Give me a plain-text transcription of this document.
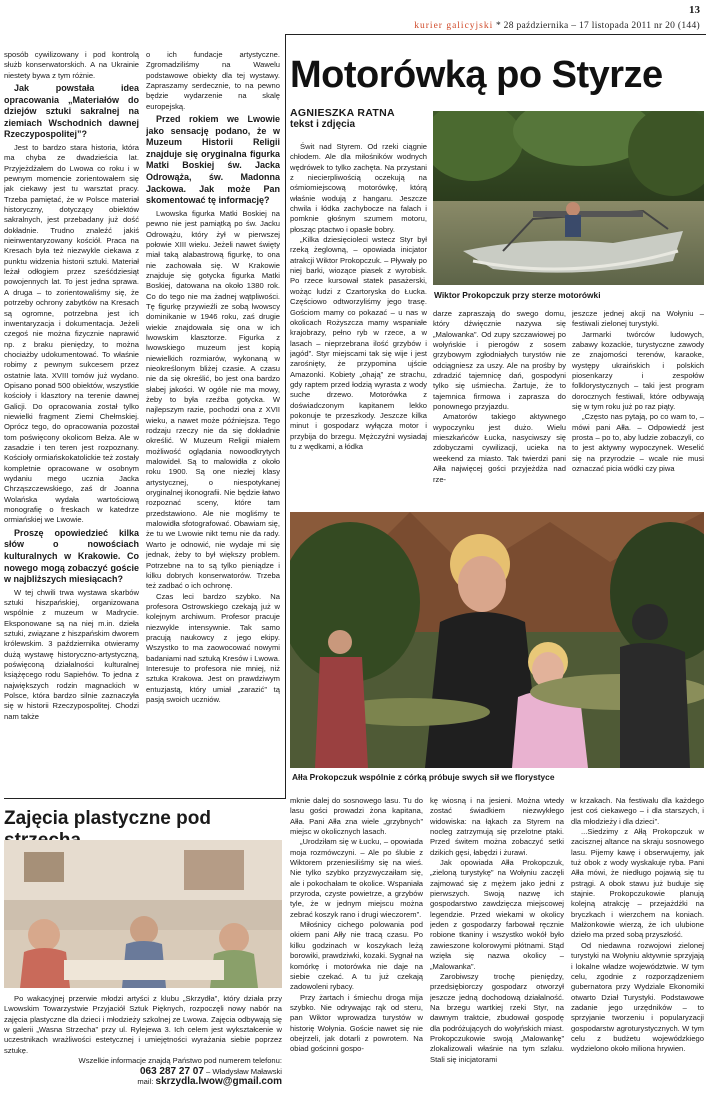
13
kurier galicyjski * 28 października – 17 listopada 2011 nr 20 (144)

sposób cywilizowany i pod kontrolą służb konserwatorskich. A na Ukrainie niestety bywa z tym różnie.

Jak powstała idea opracowania „Materiałów do dziejów sztuki sakralnej na ziemiach Wschodnich dawnej Rzeczypospolitej”?

Jest to bardzo stara historia, która ma chyba ze dwadzieścia lat. Przyjeżdżałem do Lwowa co roku i w pewnym momencie zorientowałem się jak ciekawy jest tu warsztat pracy. Trzeba pamiętać, że w Polsce materiał historyczny, dotyczący obiektów sakralnych, jest przebadany już dość dokładnie. Trudno znaleźć jakiś nieinwentaryzowany kościół. Praca na Kresach była też niezwykle ciekawa z punktu widzenia historii sztuki. Materiał leżał odłogiem przez sześćdziesiąt powojennych lat. To jest jedna sprawa. A druga – to zorientowaliśmy się, że potrzeby ochrony zabytków na Kresach są ogromne, potrzebna jest ich inwentaryzacja i dokumentacja. Jeżeli czegoś nie można fizycznie naprawić np. z braku pieniędzy, to można chociażby udokumentować. To właśnie robimy z pewnym sukcesem przez ostatnie lata. XVIII tomów już wydano. Opisano ponad 500 obiektów, wszystkie kościoły i klasztory na terenie dawnej Galicji. Do opracowania został tylko niewielki fragment Ziemi Chełmskiej. Oprócz tego, do opracowania pozostał tom poświęcony okolicom Bełza. Ale w zasadzie i ten teren jest rozpoznany. Kościoły ormiańskokatolickie też zostały kompletnie opracowane w osobnym wydaniu mego ucznia Jacka Chrząszczewskiego, zaś dr Joanna Wolańska wydała wartościową monografię o freskach w katedrze ormiańskiej we Lwowie.

Proszę opowiedzieć kilka słów o nowościach kulturalnych w Krakowie. Co nowego mogą zobaczyć goście w najbliższych miesiącach?

W tej chwili trwa wystawa skarbów sztuki hiszpańskiej, organizowana wspólnie z muzeum w Madrycie. Eksponowane są na niej m.in. dzieła sztuki, związane z hiszpańskim dworem królewskim. 3 października otwieramy dużą wystawę historyczno-artystyczną, poświęconą działalności kulturalnej książęcego rodu Sapiehów. To jedna z największych rodzin magnackich w Polsce, która bardzo silnie zaznaczyła się w historii Rzeczypospolitej. Chodzi nam także

o ich fundacje artystyczne. Zgromadziliśmy na Wawelu podstawowe obiekty dla tej wystawy. Zapraszamy serdecznie, to na pewno będzie wydarzenie na skalę europejską.

Przed rokiem we Lwowie jako sensację podano, że w Muzeum Historii Religii znajduje się oryginalna figurka Matki Boskiej św. Jacka Odrowąża, św. Madonna Jackowa. Jak może Pan skomentować tę informację?

Lwowska figurka Matki Boskiej na pewno nie jest pamiątką po św. Jacku Odrowążu, który żył w pierwszej połowie XIII wieku. Jeżeli nawet święty miał taką alabastrową figurkę, to ona nie zachowała się. W Krakowie znajduje się gotycka figurka Matki Boskiej, datowana na około 1380 rok. Co do tego nie ma żadnej wątpliwości. Tę figurkę przywieźli ze sobą lwowscy dominikanie w 1946 roku, zaś drugie wiekie znajdowała się ona w ich lwowskim klasztorze. Figurka z lwowskiego muzeum jest kopią niewielkich rozmiarów, wykonaną w nieokreślonym bliżej czasie. A czasu nie da się określić, bo jest ona bardzo słabej jakości. W ogóle nie ma mowy, żeby to była rzeźba gotycka. W najlepszym razie, pochodzi ona z XVII wieku, a nawet może późniejsza. Tego rodzaju rzeczy nie da się dokładnie określić. W Muzeum Religii miałem możliwość oglądania nowoodkrytych malowideł. Są to malowidła z około roku 1900. Są one niezłej klasy artystycznej, o niespotykanej oryginalnej ikonografii. Nie będzie łatwo rozpoznać sceny, które tam przedstawiono. Ale nie mogliśmy te malowidła sfotografować. Obawiam się, że tu we Lwowie nikt temu nie da rady. Warto je odnowić, nie wydaje mi się jednak, żeby to był większy problem. Potrzebne na to są tylko pieniądze i kilku dobrych konserwatorów. Trzeba też zadbać o ich ochronę.

Czas leci bardzo szybko. Na profesora Ostrowskiego czekają już w kolejnym archiwum. Profesor pracuje niezwykle intensywnie. Tak samo pracują naukowcy z jego ekipy. Wszystko to ma zaowocować nowymi badaniami nad sztuką Kresów i Lwowa. Interesuje to profesora nie mniej, niż sztuka Krakowa. Jest on prawdziwym entuzjastą, który umiał „zarazić” tą pasją swoich uczniów.

Motorówką po Styrze
AGNIESZKA RATNA
tekst i zdjęcia

Świt nad Styrem. Od rzeki ciągnie chłodem. Ale dla miłośników wodnych wędrówek to tylko zachęta. Na przystani z niecierpliwością oczekują na ośmiomiejscową motorówkę, którą właśnie wodują z hangaru. Jeszcze chwila i łódka zachybocze na falach i pomknie głośnym szumem motoru, płosząc ptactwo i opasłe bobry.

„Kilka dziesięciolecі wstecz Styr był rzeką żeglowną, – opowiada inicjator atrakcji Wiktor Prokopczuk. – Pływały po niej barki, wiozące piasek z wyrobisk. Po rzece kursował statek pasażerski, wożąc ludzi z Czartoryska do Łucka. Częściowo odtworzyliśmy jego trasę. Gościom mamy co pokazać – u nas w okolicach Rożyszcza mamy wspaniałe krajobrazy, pełno ryb w rzece, a w lasach – nieprzebrana ilość grzybów i jagód”. Styr miejscami tak się wije i jest zarośnięty, że przypomina ujście Amazonki. Kobiety „ohają” ze strachu, gdy raptem przed łodzią wyrasta z wody suche drzewo. Motorówka z doświadczonym kapitanem lekko pokonuje te przeszkody. Jeszcze kilka minut i gospodarz wyłącza motor i przybija do brzegu. Mężczyźni wysiadaj tu z wędkami, a łódka

Wiktor Prokopczuk przy sterze motorówki

darze zapraszają do swego domu, który dźwięcznie nazywa się „Malowanka”. Od zupy szczawiowej po wołyńskie i pierogów z sosem grzybowym zgłodniałych turystów nie odciągniesz za uszy. Ale na prośby by zdradzić tajemnicę dań, gospodyni tylko się uśmiecha. Żartuje, że to tajemnica firmowa i zaprasza do ponownego przyjazdu.

Amatorów takiego aktywnego wypoczynku jest dużo. Wielu mieszkańców Łucka, nasyciwszy się zdobyczami cywilizacji, ucieka na weekend za miasto. Tak twierdzi pani Ałła najwięcej gości przyjeżdża nad rze-

jeszcze jednej akcji na Wołyniu – festiwali zielonej turystyki.

Jarmarki twórców ludowych, zabawy kozackie, turystyczne zawody ze znajomości terenów, karaoke, występy ukraińskich i polskich piosenkarzy i zespołów folklorystycznych – taki jest program dorocznych festiwali, które odbywają się w tym roku już po raz piąty.

„Często nas pytają, po co wam to, – mówi pani Ałła. – Odpowiedź jest prosta – po to, aby ludzie zobaczyli, co to jest aktywny wypoczynek. Weselić się na przyrodzie – wcale nie musi oznaczać picia wódki czy piwa

Ałła Prokopczuk wspólnie z córką próbuje swych sił we florystyce

mknie dalej do sosnowego lasu. Tu do lasu gości prowadzi żona kapitana, Ałła. Pani Ałła zna wiele „grzybnych” miejsc w okolicznych lasach.

„Urodziłam się w Łucku, – opowiada moja rozmówczyni. – Ale po ślubie z Wiktorem przeniesiliśmy się na wieś. Nie tylko szybko przyzwyczaiłam się, ale i pokochałam te okolice. Wspaniała przyroda, czyste powietrze, a grzybów tyle, że w jednym miejscu można zebrać koszyk rano i drugi wieczorem”.

Miłośnicy cichego polowania pod okiem pani Ałły nie tracą czasu. Po kilku godzinach w koszykach leżą borowiki, prawdziwki, kozaki. Sygnał na komórkę i motorówka nie daje na siebie czekać. A tu już czekają zadowoleni rybacy.

Przy żartach i śmiechu droga mija szybko. Nie odrywając rąk od steru, pan Wiktor wprowadza turystów w historię Wołynia. Goście nawet się nie obejrzeli, jak dotarli z powrotem. Na obiad gościnni gospo-

kę wiosną i na jesieni. Można wtedy zostać świadkiem niezwykłego widowiska: na łąkach za Styrem na nocleg zatrzymują się przelotne ptaki. Przed świtem można zobaczyć setki dzikich gęsi, łabędzi i żurawi.

Jak opowiada Ałła Prokopczuk, „zieloną turystykę” na Wołyniu zaczęli zajmować się z mężem jako jedni z pierwszych. Swoją nazwę ich gospodarstwo zawdzięcza miejscowej legendzie. Przed wiekami w okolicy jeden z gospodarzy farbował ręcznie robione tkaniny i wszystko wokół było zawieszone kolorowymi płótnami. Stąd wzięła się nazwa okolicy – „Malowanka”.

Zarobiwszy trochę pieniędzy, przedsiębiorczy gospodarz otworzył jeszcze jedną dochodową działalność. Na brzegu wartkiej rzeki Styr, na dawnym traktcie, zbudował gospodę dla podróżujących do wołyńskich miast. Prokopczukowie swoją „Malowankę” zlokalizowali właśnie na tym szlaku. Stali się inicjatorami

w krzakach. Na festiwalu dla każdego jest coś ciekawego – i dla starszych, i dla młodzieży i dla dzieci”.

...Siedzimy z Ałłą Prokopczuk w zacisznej altance na skraju sosnowego lasu. Pijemy kawę i obserwujemy, jak tuż obok z wody wyskakuje ryba. Pani Ałła mówi, że niedługo pojawią się tu pstrągi. A obok stawu już buduje się stajnie. Prokopczukowie planują kolejną atrakcję – przejażdżki na bryczkach i wierzchem na koniach. Małżonkowie wierzą, że ich ulubione dzieło ma przed sobą przyszłość.

Od niedawna rozwojowi zielonej turystyki na Wołyniu aktywnie sprzyjają i lokalne władze województwie. W tym celu, zgodnie z rozporządzeniem gubernatora przy Wydziale Ekonomiki otwarto Dział Turystyki. Podstawowe zadanie jego urzędników – to sprzyjanie tworzeniu i popularyzacji gospodarstw agroturystycznych. W tym celu z budżetu wojewódzkiego wydzielono około miliona hrywien.

Zajęcia plastyczne pod

Po wakacyjnej przerwie młodzi artyści z klubu „Skrzydła”, który działa przy Lwowskim Towarzystwie Przyjaciół Sztuk Pięknych, rozpoczęli nowy nabór na zajęcia plastyczne dla dzieci i młodzieży szkolnej ze Lwowa. Zajęcia odbywają się w galerii „Wasna Strzecha” przy ul. Rylejewa 3. Ich celem jest wykształcenie w uczestnikach wrażliwości estetycznej i umiejętności wyrażania siebie poprzez sztukę.

Wszelkie informacje znajdą Państwo pod numerem telefonu:
063 287 27 07 – Władysław Maławski
mail: skrzydla.lwow@gmail.com
